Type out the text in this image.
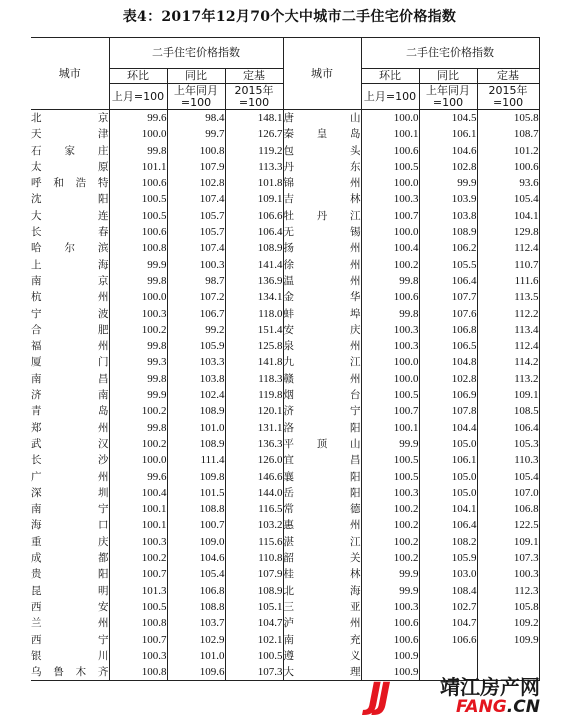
表4：2017年12月70个大中城市二手住宅价格指数
城市	二手住宅价格指数			城市	二手住宅价格指数		
	环比	同比	定基		环比	同比	定基
	上月=100	上年同月=100	2015年=100		上月=100	上年同月=100	2015年=100
北京	99.6	98.4	148.1	唐山	100.0	104.5	105.8
天津	100.0	99.7	126.7	秦皇岛	100.1	106.1	108.7
石家庄	99.8	100.8	119.2	包头	100.6	104.6	101.2
太原	101.1	107.9	113.3	丹东	100.5	102.8	100.6
呼和浩特	100.6	102.8	101.8	锦州	100.0	99.9	93.6
沈阳	100.5	107.4	109.1	吉林	100.3	103.9	105.4
大连	100.5	105.7	106.6	牡丹江	100.7	103.8	104.1
长春	100.6	105.7	106.4	无锡	100.0	108.9	129.8
哈尔滨	100.8	107.4	108.9	扬州	100.4	106.2	112.4
上海	99.9	100.3	141.4	徐州	100.2	105.5	110.7
南京	99.8	98.7	136.9	温州	99.8	106.4	111.6
杭州	100.0	107.2	134.1	金华	100.6	107.7	113.5
宁波	100.3	106.7	118.0	蚌埠	99.8	107.6	112.2
合肥	100.2	99.2	151.4	安庆	100.3	106.8	113.4
福州	99.8	105.9	125.8	泉州	100.3	106.5	112.4
厦门	99.3	103.3	141.8	九江	100.0	104.8	114.2
南昌	99.8	103.8	118.3	赣州	100.0	102.8	113.2
济南	99.9	102.4	119.8	烟台	100.5	106.9	109.1
青岛	100.2	108.9	120.1	济宁	100.7	107.8	108.5
郑州	99.8	101.0	131.1	洛阳	100.1	104.4	106.4
武汉	100.2	108.9	136.3	平顶山	99.9	105.0	105.3
长沙	100.0	111.4	126.0	宜昌	100.5	106.1	110.3
广州	99.6	109.8	146.6	襄阳	100.5	105.0	105.4
深圳	100.4	101.5	144.0	岳阳	100.3	105.0	107.0
南宁	100.1	108.8	116.5	常德	100.2	104.1	106.8
海口	100.1	100.7	103.2	惠州	100.2	106.4	122.5
重庆	100.3	109.0	115.6	湛江	100.2	108.2	109.1
成都	100.2	104.6	110.8	韶关	100.2	105.9	107.3
贵阳	100.7	105.4	107.9	桂林	99.9	103.0	100.3
昆明	101.3	106.8	108.9	北海	99.9	108.4	112.3
西安	100.5	108.8	105.1	三亚	100.3	102.7	105.8
兰州	100.8	103.7	104.7	泸州	100.6	104.7	109.2
西宁	100.7	102.9	102.1	南充	100.6	106.6	109.9
银川	100.3	101.0	100.5	遵义	100.9		
乌鲁木齐	100.8	109.6	107.3	大理	100.9		
JJ	靖江房产网
FANG.CN
